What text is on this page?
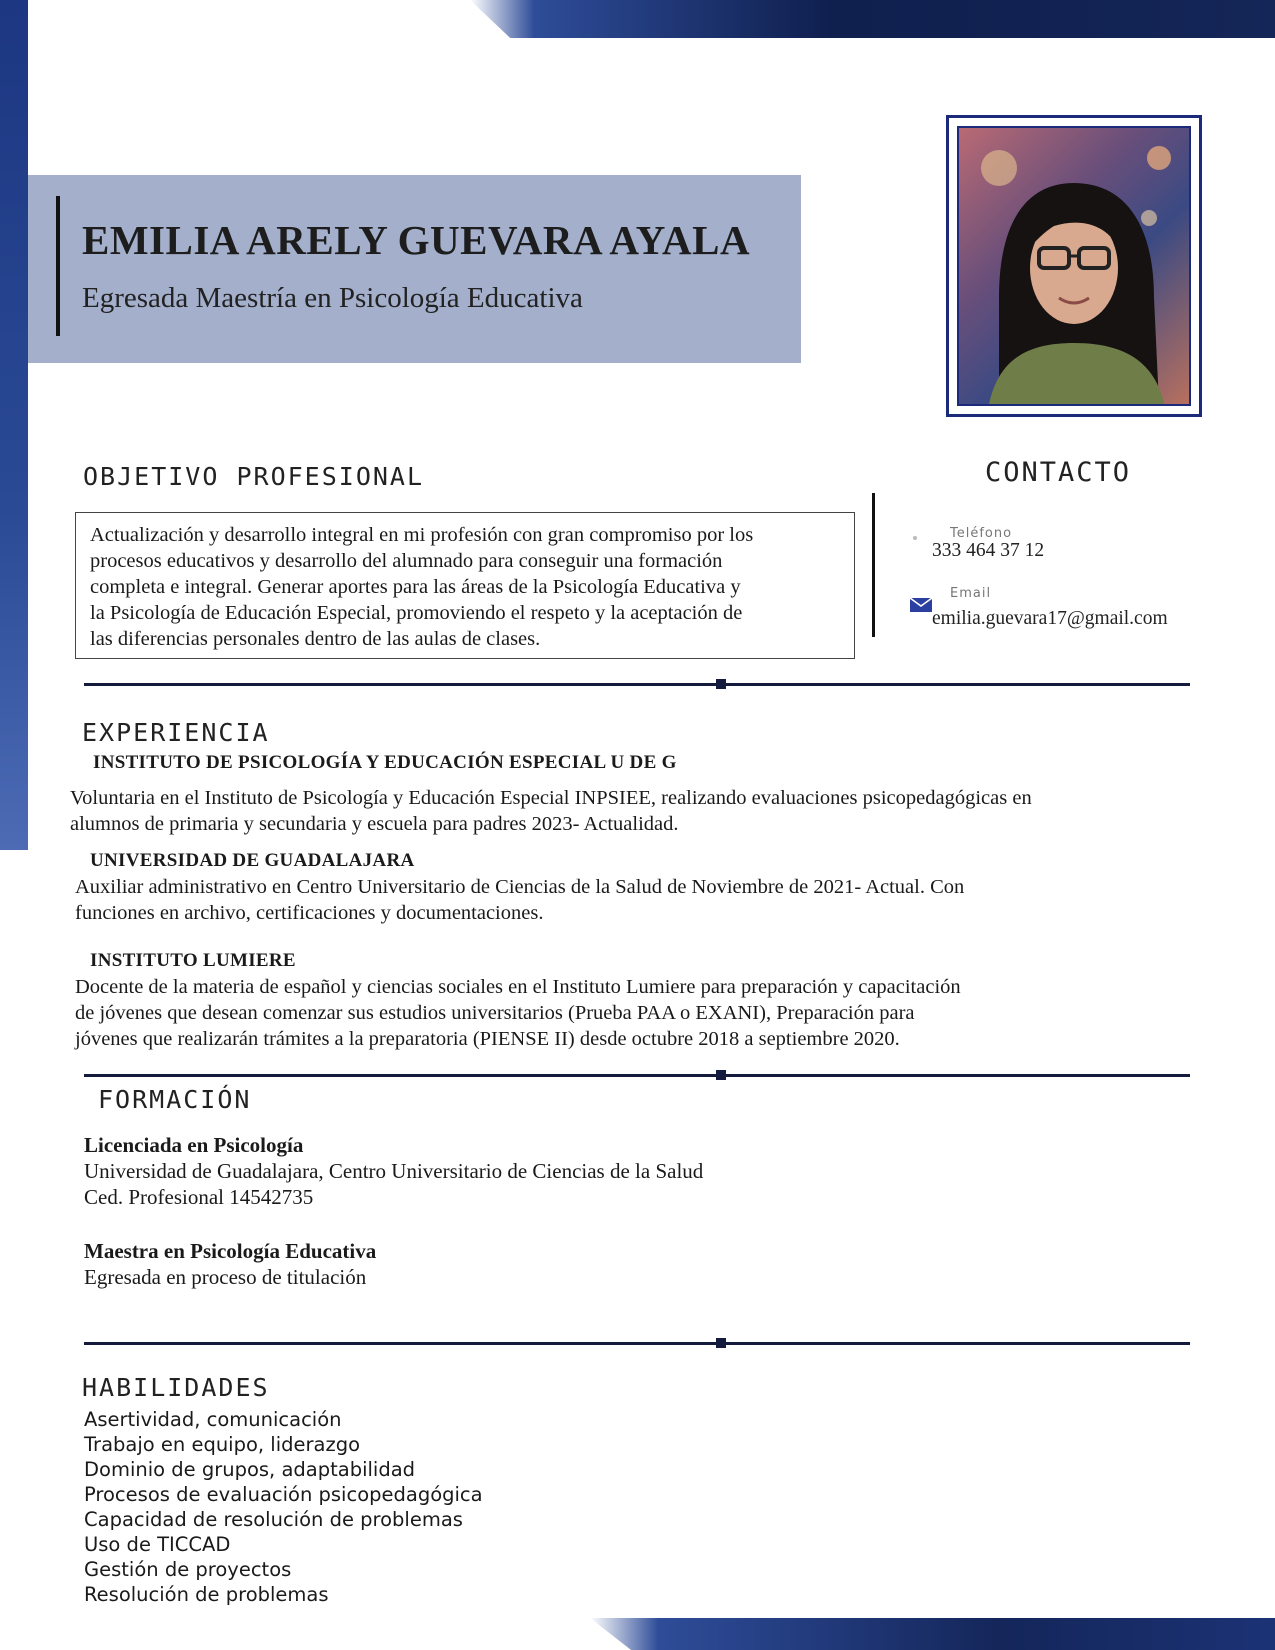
EMILIA ARELY GUEVARA AYALA
Egresada Maestría en Psicología Educativa
OBJETIVO PROFESIONAL
Actualización y desarrollo integral en mi profesión con gran compromiso por los
procesos educativos y desarrollo del alumnado para conseguir una formación
completa e integral. Generar aportes para las áreas de la Psicología Educativa y
la Psicología de Educación Especial, promoviendo el respeto y la aceptación de
las diferencias personales dentro de las aulas de clases.
CONTACTO
Teléfono
333 464 37 12
Email
emilia.guevara17@gmail.com
EXPERIENCIA
INSTITUTO DE PSICOLOGÍA Y EDUCACIÓN ESPECIAL U DE G
Voluntaria en el Instituto de Psicología y Educación Especial INPSIEE, realizando evaluaciones psicopedagógicas en
alumnos de primaria y secundaria y escuela para padres 2023- Actualidad.
UNIVERSIDAD DE GUADALAJARA
Auxiliar administrativo en Centro Universitario de Ciencias de la Salud de Noviembre de 2021- Actual. Con
funciones en archivo, certificaciones y documentaciones.
INSTITUTO LUMIERE
Docente de la materia de español y ciencias sociales en el Instituto Lumiere para preparación y capacitación
de jóvenes que desean comenzar sus estudios universitarios (Prueba PAA o EXANI), Preparación para
jóvenes que realizarán trámites a la preparatoria (PIENSE II) desde octubre 2018 a septiembre 2020.
FORMACIÓN
Licenciada en Psicología
Universidad de Guadalajara, Centro Universitario de Ciencias de la Salud
Ced. Profesional 14542735
Maestra en Psicología Educativa
Egresada en proceso de titulación
HABILIDADES
Asertividad, comunicación
Trabajo en equipo, liderazgo
Dominio de grupos, adaptabilidad
Procesos de evaluación psicopedagógica
Capacidad de resolución de problemas
Uso de TICCAD
Gestión de proyectos
Resolución de problemas
